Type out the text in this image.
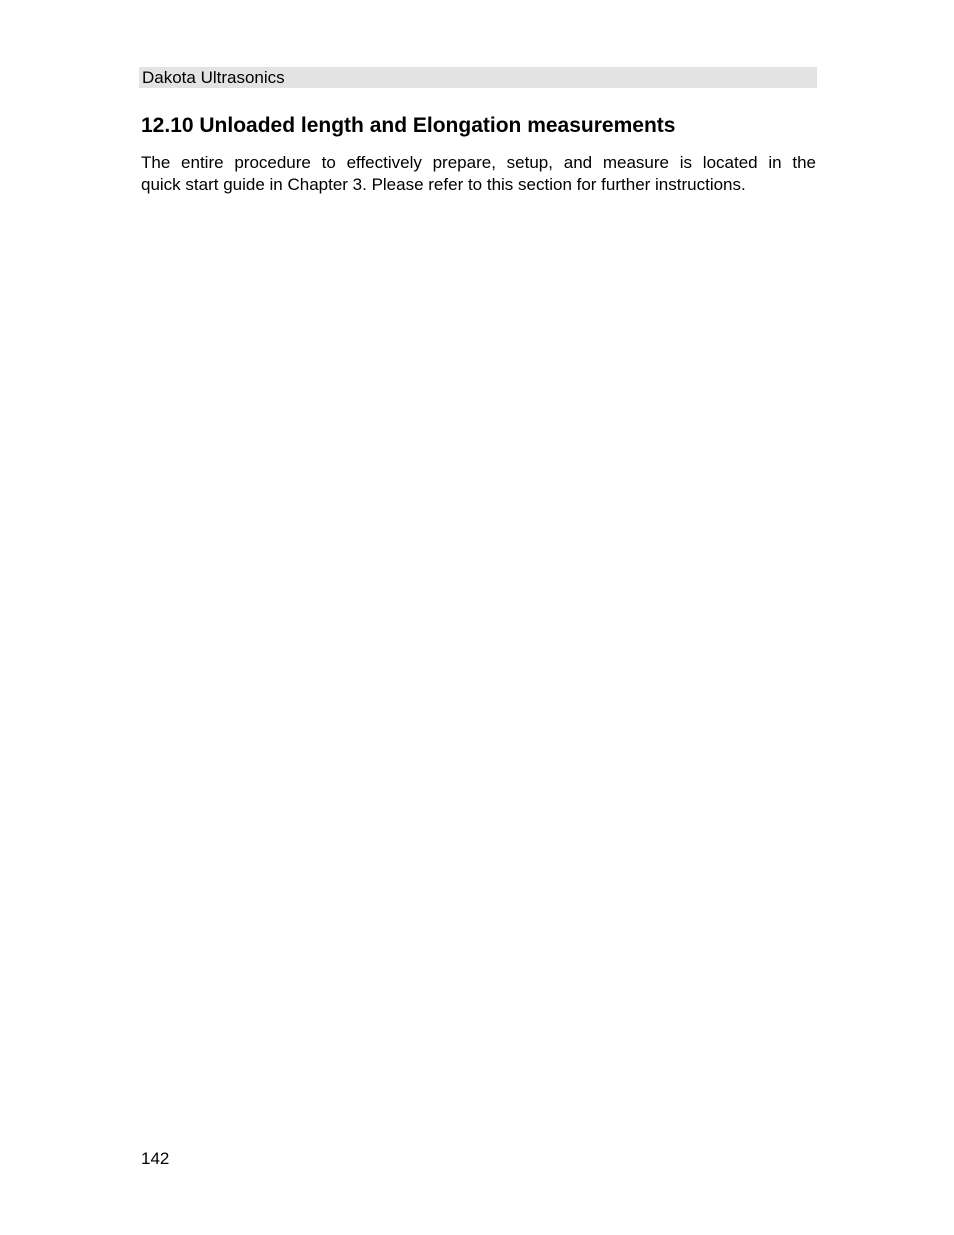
Dakota Ultrasonics
12.10 Unloaded length and Elongation measurements

The entire procedure to effectively prepare, setup, and measure is located in the
quick start guide in Chapter 3. Please refer to this section for further instructions.

142
